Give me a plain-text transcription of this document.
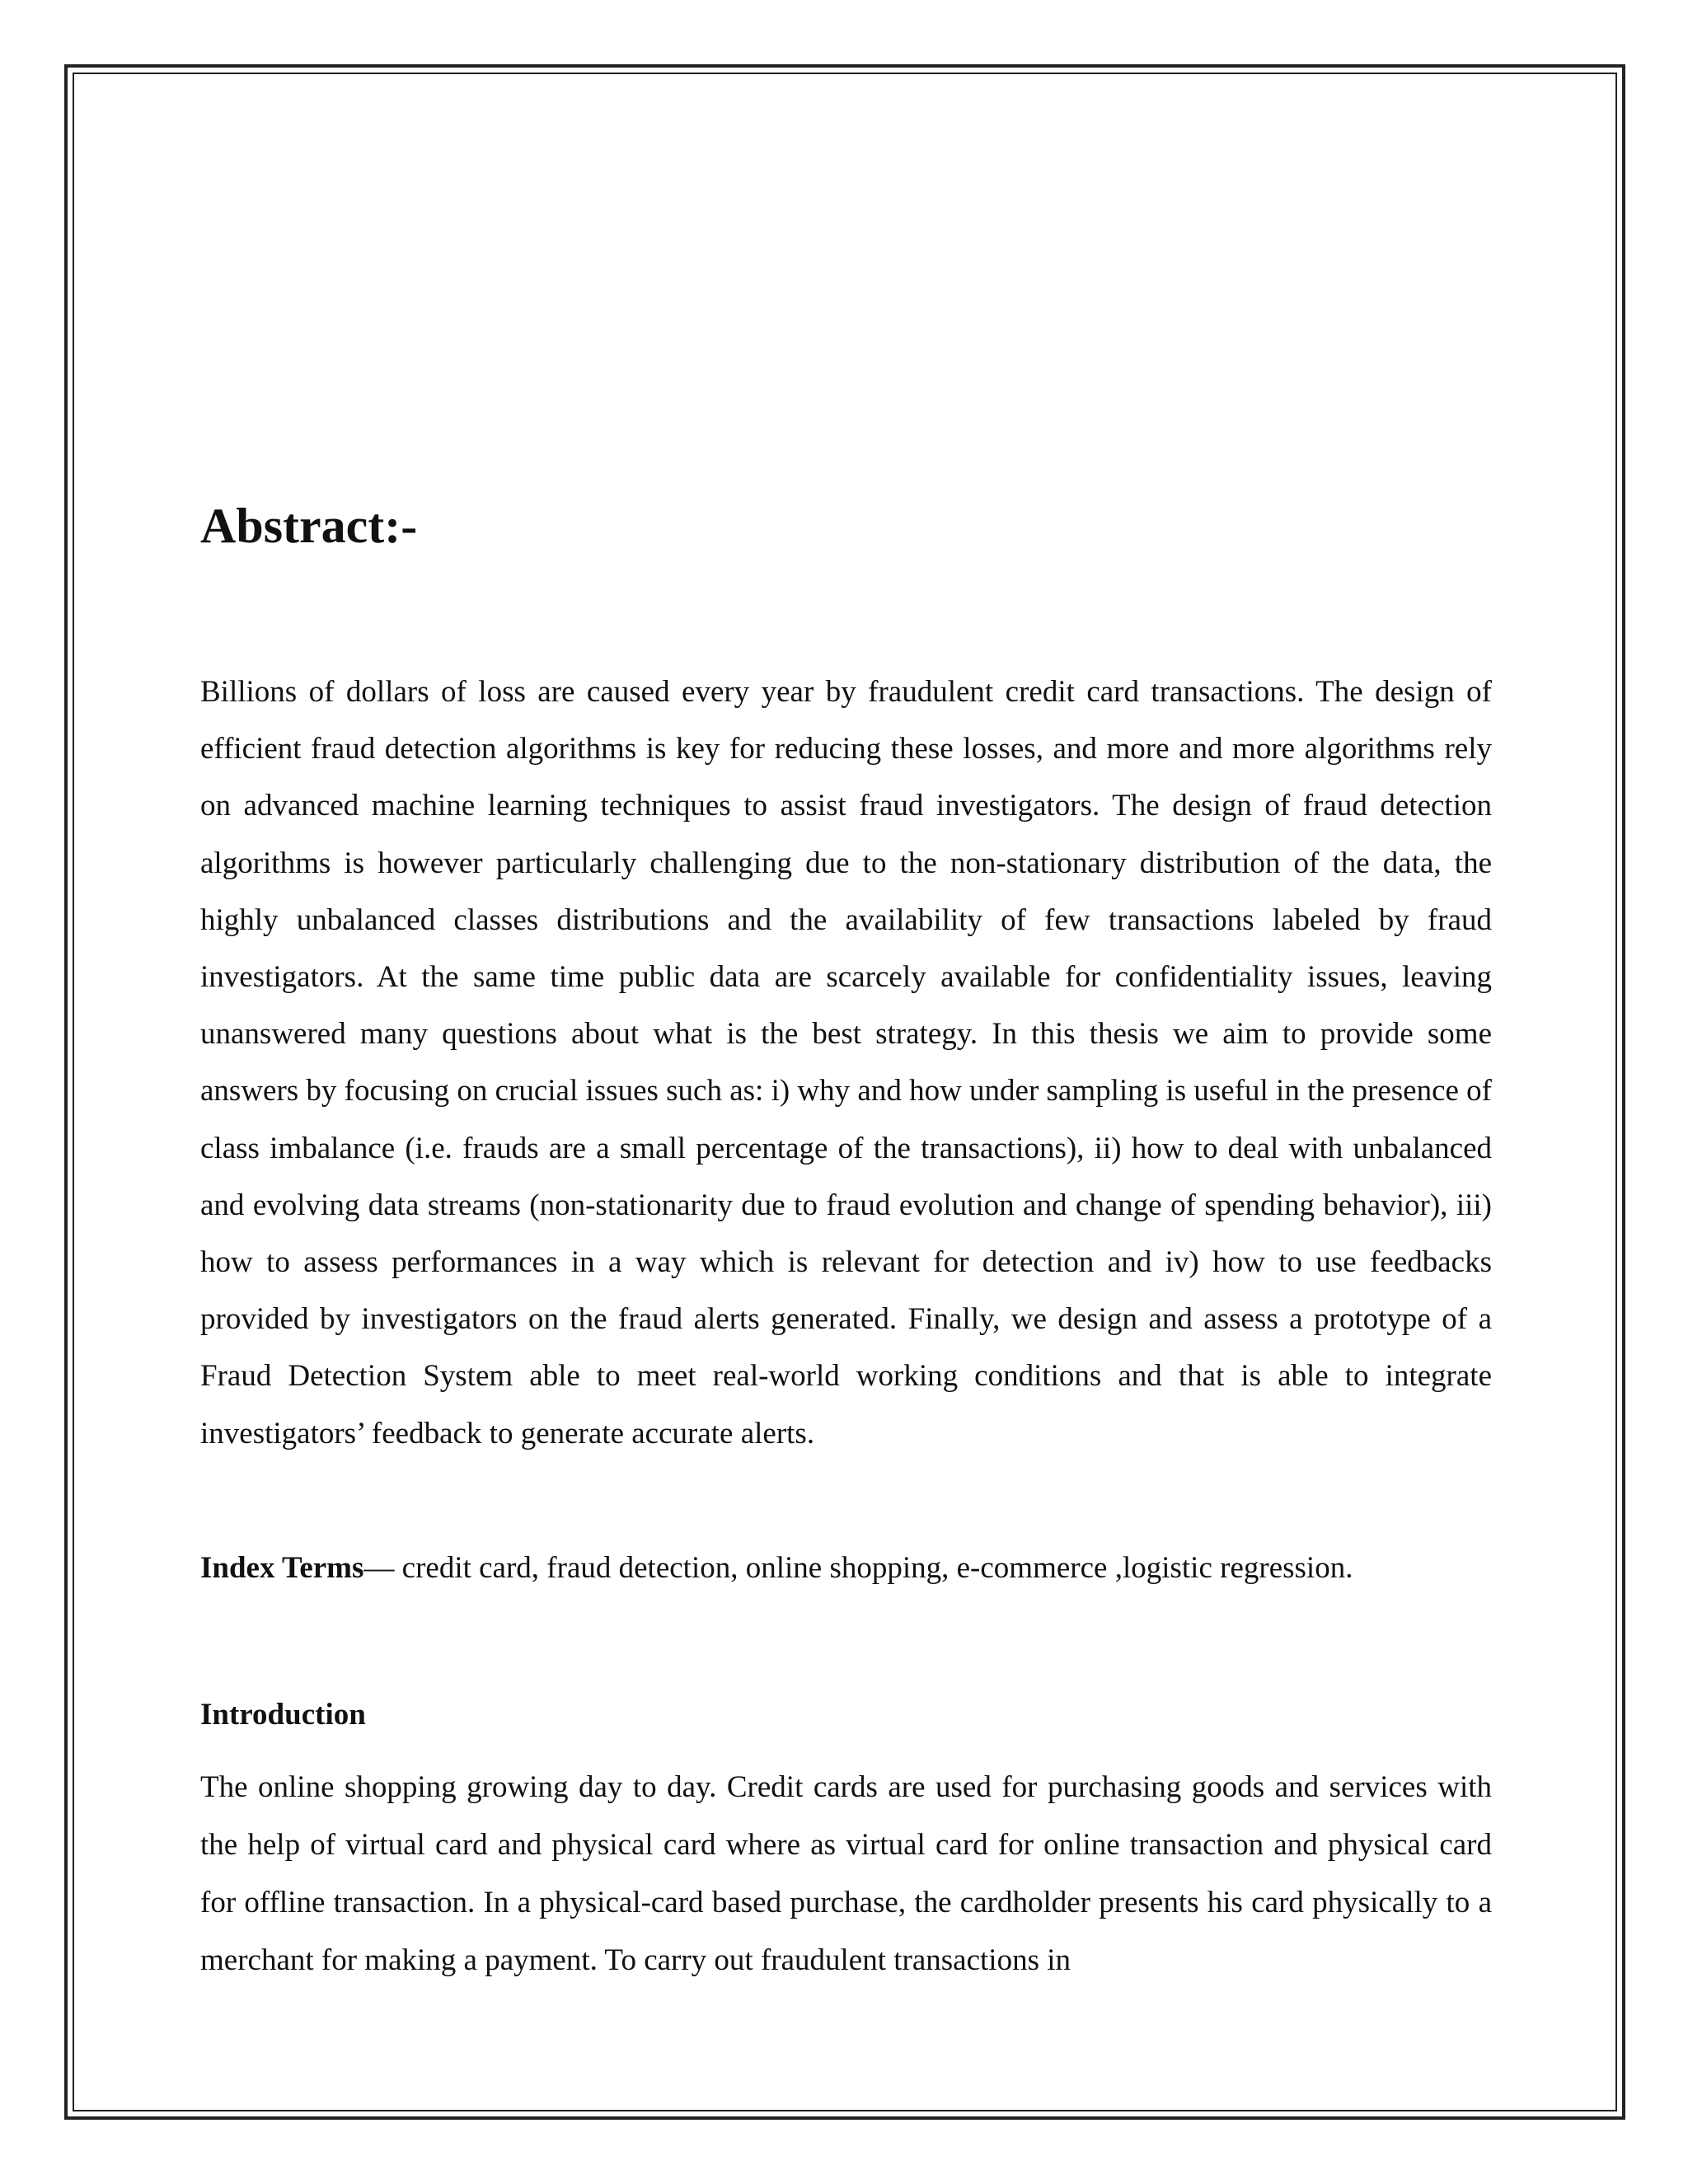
Abstract:-

Billions of dollars of loss are caused every year by fraudulent credit card transactions. The design of efficient fraud detection algorithms is key for reducing these losses, and more and more algorithms rely on advanced machine learning techniques to assist fraud investigators. The design of fraud detection algorithms is however particularly challenging due to the non-stationary distribution of the data, the highly unbalanced classes distributions and the availability of few transactions labeled by fraud investigators. At the same time public data are scarcely available for confidentiality issues, leaving unanswered many questions about what is the best strategy. In this thesis we aim to provide some answers by focusing on crucial issues such as: i) why and how under sampling is useful in the presence of class imbalance (i.e. frauds are a small percentage of the transactions), ii) how to deal with unbalanced and evolving data streams (non-stationarity due to fraud evolution and change of spending behavior), iii) how to assess performances in a way which is relevant for detection and iv) how to use feedbacks provided by investigators on the fraud alerts generated. Finally, we design and assess a prototype of a Fraud Detection System able to meet real-world working conditions and that is able to integrate investigators’ feedback to generate accurate alerts.

Index Terms— credit card, fraud detection, online shopping, e-commerce ,logistic regression.

Introduction

The online shopping growing day to day. Credit cards are used for purchasing goods and services with the help of virtual card and physical card where as virtual card for online transaction and physical card for offline transaction. In a physical-card based purchase, the cardholder presents his card physically to a merchant for making a payment. To carry out fraudulent transactions in
